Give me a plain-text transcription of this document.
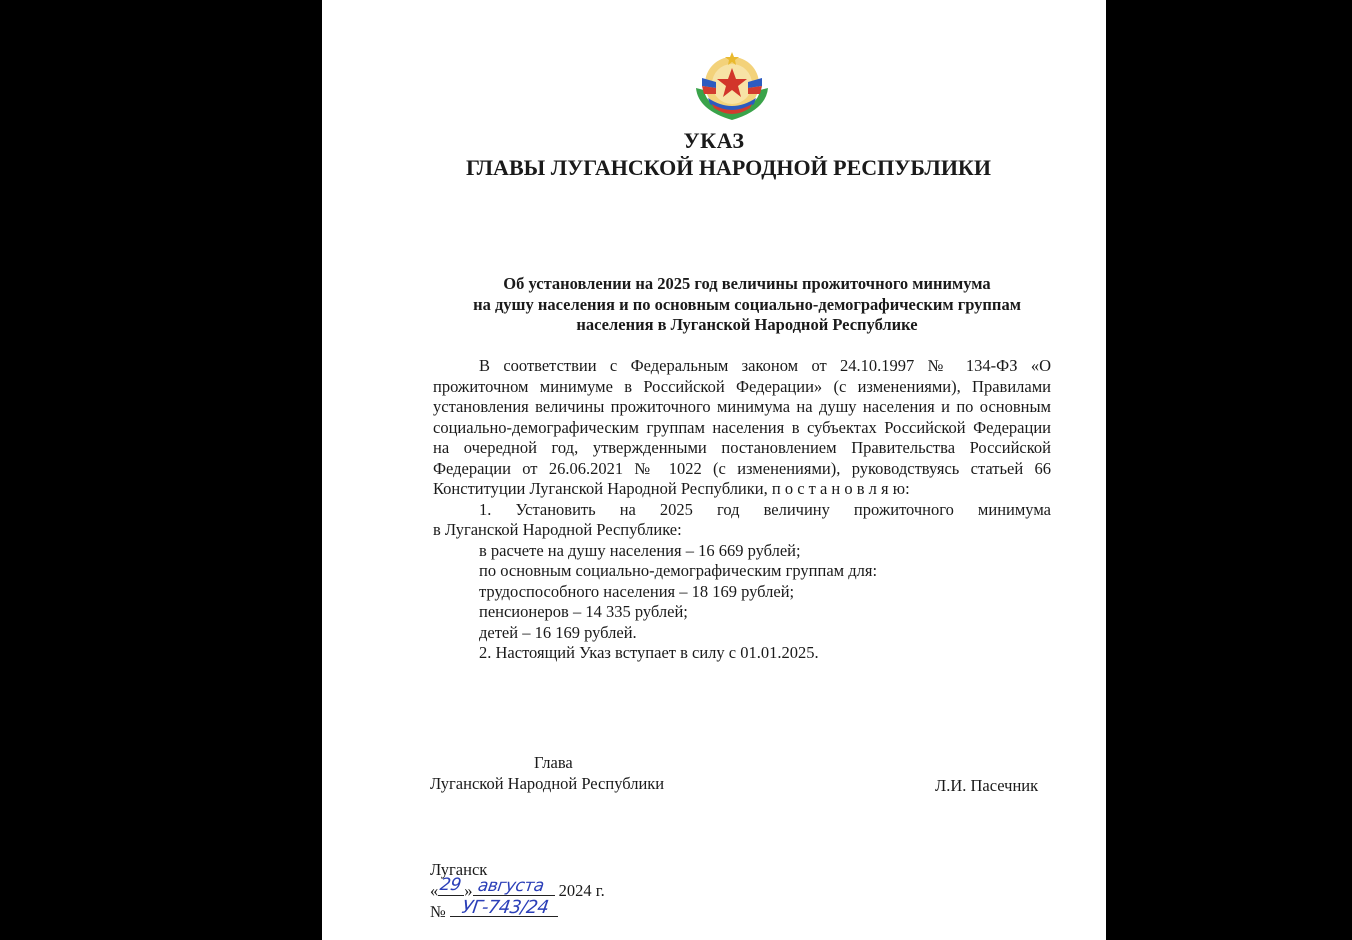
УКАЗ
ГЛАВЫ ЛУГАНСКОЙ НАРОДНОЙ РЕСПУБЛИКИ
Об установлении на 2025 год величины прожиточного минимума
на душу населения и по основным социально-демографическим группам
населения в Луганской Народной Республике

В соответствии с Федеральным законом от 24.10.1997 № 134-ФЗ «О прожиточном минимуме в Российской Федерации» (с изменениями), Правилами установления величины прожиточного минимума на душу населения и по основным социально-демографическим группам населения в субъектах Российской Федерации на очередной год, утвержденными постановлением Правительства Российской Федерации от 26.06.2021 № 1022 (с изменениями), руководствуясь статьей 66 Конституции Луганской Народной Республики, п о с т а н о в л я ю:

1. Установить на 2025 год величину прожиточного минимума

в Луганской Народной Республике:

в расчете на душу населения – 16 669 рублей;

по основным социально-демографическим группам для:

трудоспособного населения – 18 169 рублей;

пенсионеров – 14 335 рублей;

детей – 16 169 рублей.

2. Настоящий Указ вступает в силу с 01.01.2025.

Глава
Луганской Народной Республики	Л.И. Пасечник
Луганск
« »	2024 г.
№
29 августа
УГ-743/24
